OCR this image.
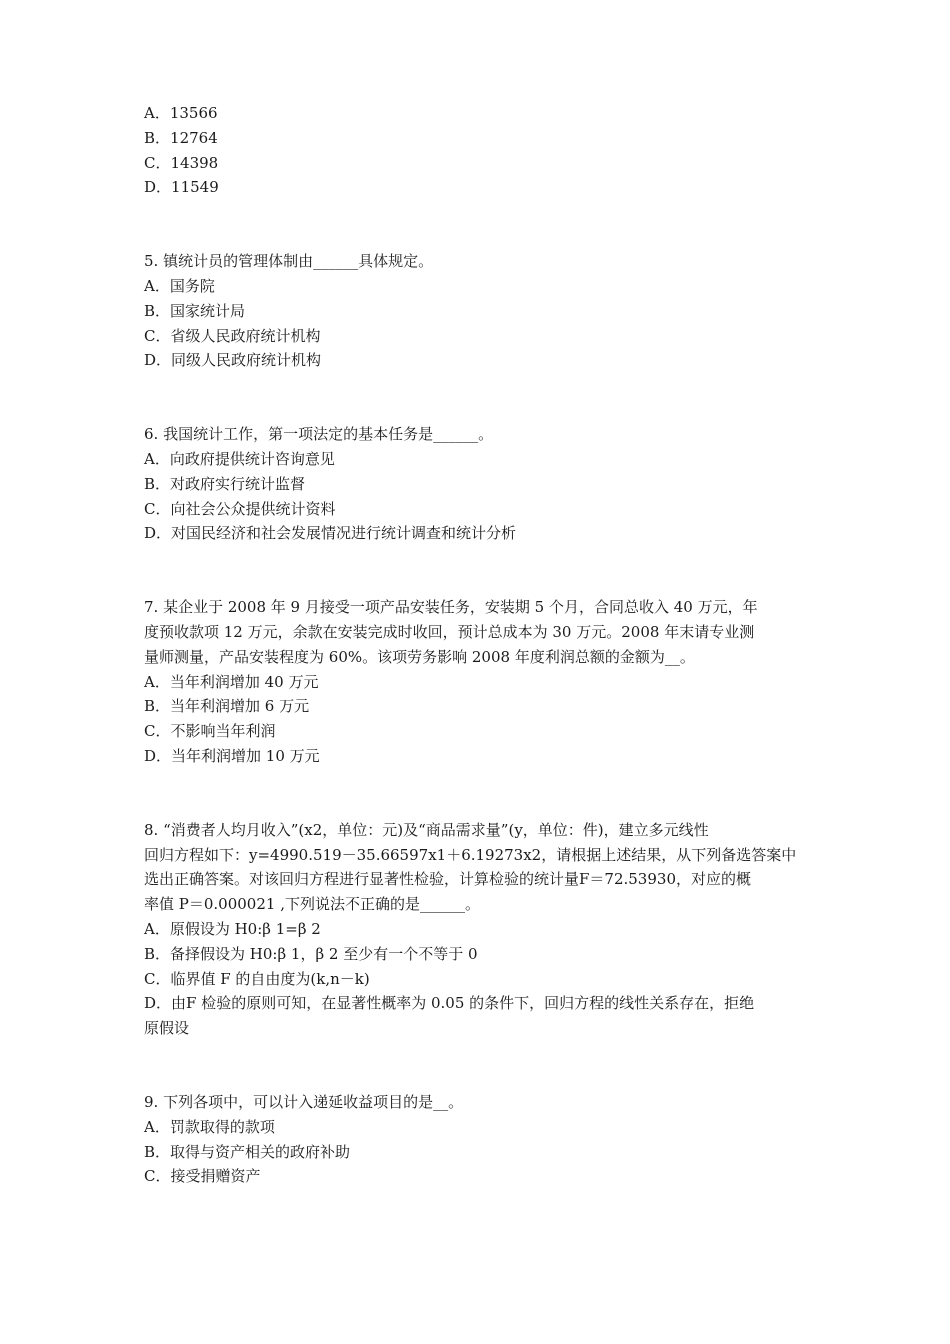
A．13566
B．12764
C．14398
D．11549
5. 镇统计员的管理体制由______具体规定。
A．国务院
B．国家统计局
C．省级人民政府统计机构
D．同级人民政府统计机构
6. 我国统计工作，第一项法定的基本任务是______。
A．向政府提供统计咨询意见
B．对政府实行统计监督
C．向社会公众提供统计资料
D．对国民经济和社会发展情况进行统计调查和统计分析
7. 某企业于 2008 年 9 月接受一项产品安装任务，安装期 5 个月，合同总收入 40 万元，年
度预收款项 12 万元，余款在安装完成时收回，预计总成本为 30 万元。2008 年末请专业测
量师测量，产品安装程度为 60%。该项劳务影响 2008 年度利润总额的金额为__。
A．当年利润增加 40 万元
B．当年利润增加 6 万元
C．不影响当年利润
D．当年利润增加 10 万元
8. “消费者人均月收入”(x2，单位：元)及“商品需求量”(y，单位：件)，建立多元线性
回归方程如下：y=4990.519－35.66597x1＋6.19273x2，请根据上述结果，从下列备选答案中
选出正确答案。对该回归方程进行显著性检验，计算检验的统计量F＝72.53930，对应的概
率值 P＝0.000021 ,下列说法不正确的是______。
A．原假设为 H0:β 1=β 2
B．备择假设为 H0:β 1，β 2 至少有一个不等于 0
C．临界值 F 的自由度为(k,n－k)
D．由F 检验的原则可知，在显著性概率为 0.05 的条件下，回归方程的线性关系存在，拒绝
原假设
9. 下列各项中，可以计入递延收益项目的是__。
A．罚款取得的款项
B．取得与资产相关的政府补助
C．接受捐赠资产
